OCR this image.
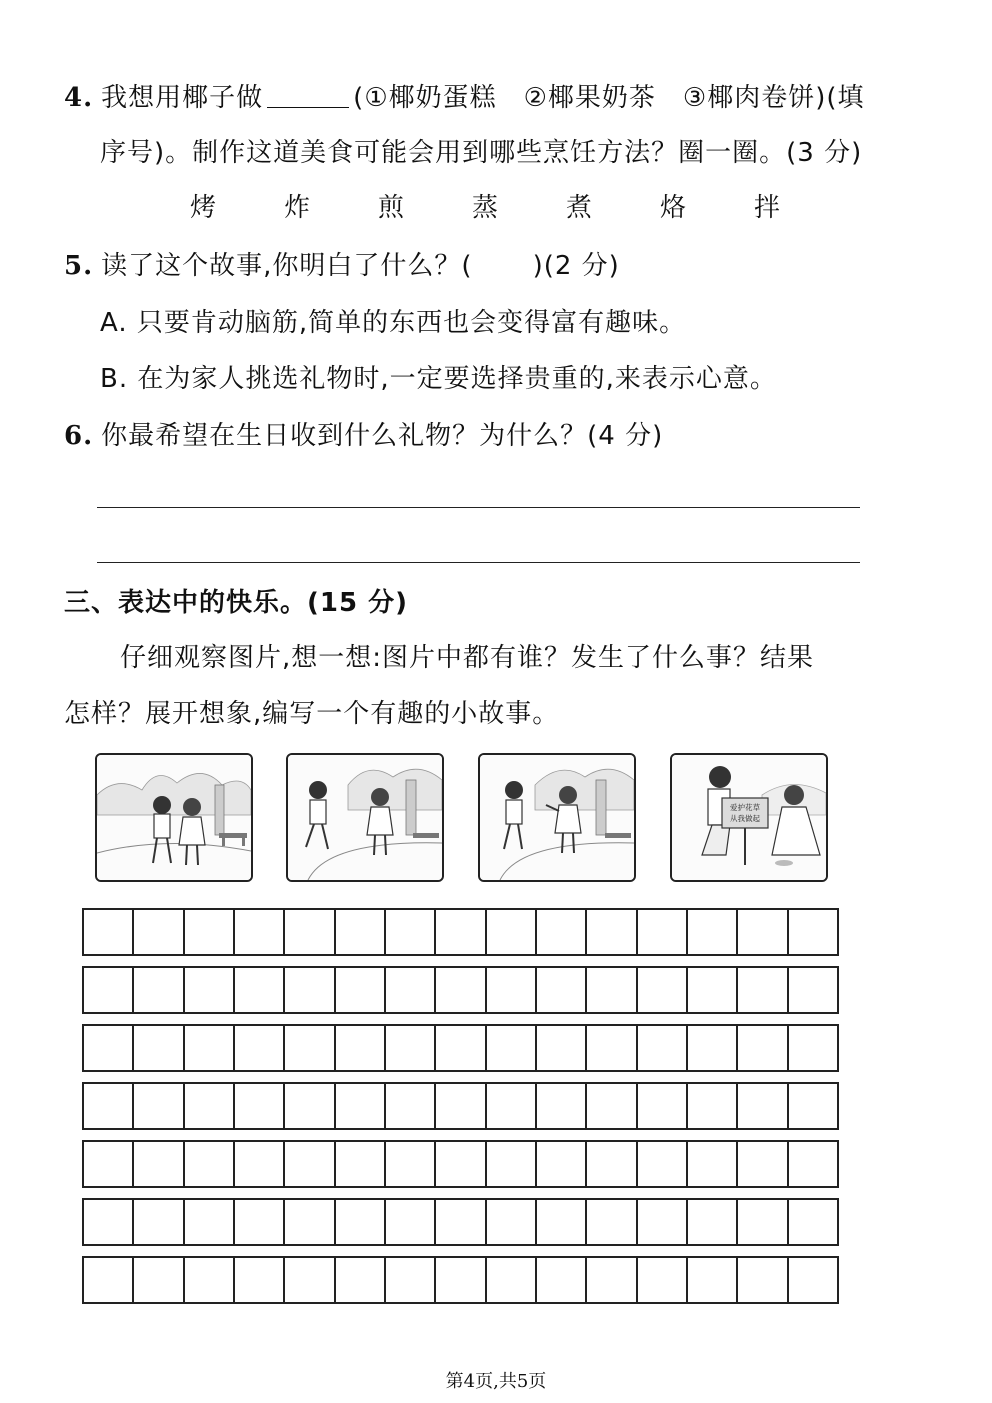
4. 我想用椰子做	(①椰奶蛋糕　②椰果奶茶　③椰肉卷饼)(填
序号)。制作这道美食可能会用到哪些烹饪方法？圈一圈。(3 分)
烤	炸	煎	蒸	煮	烙	拌
5. 读了这个故事,你明白了什么？( )(2 分)
A. 只要肯动脑筋,简单的东西也会变得富有趣味。
B. 在为家人挑选礼物时,一定要选择贵重的,来表示心意。
6. 你最希望在生日收到什么礼物？为什么？(4 分)
三、表达中的快乐。(15 分)
仔细观察图片,想一想:图片中都有谁？发生了什么事？结果
怎样？展开想象,编写一个有趣的小故事。
爱护花草
从我做起
第4页,共5页
